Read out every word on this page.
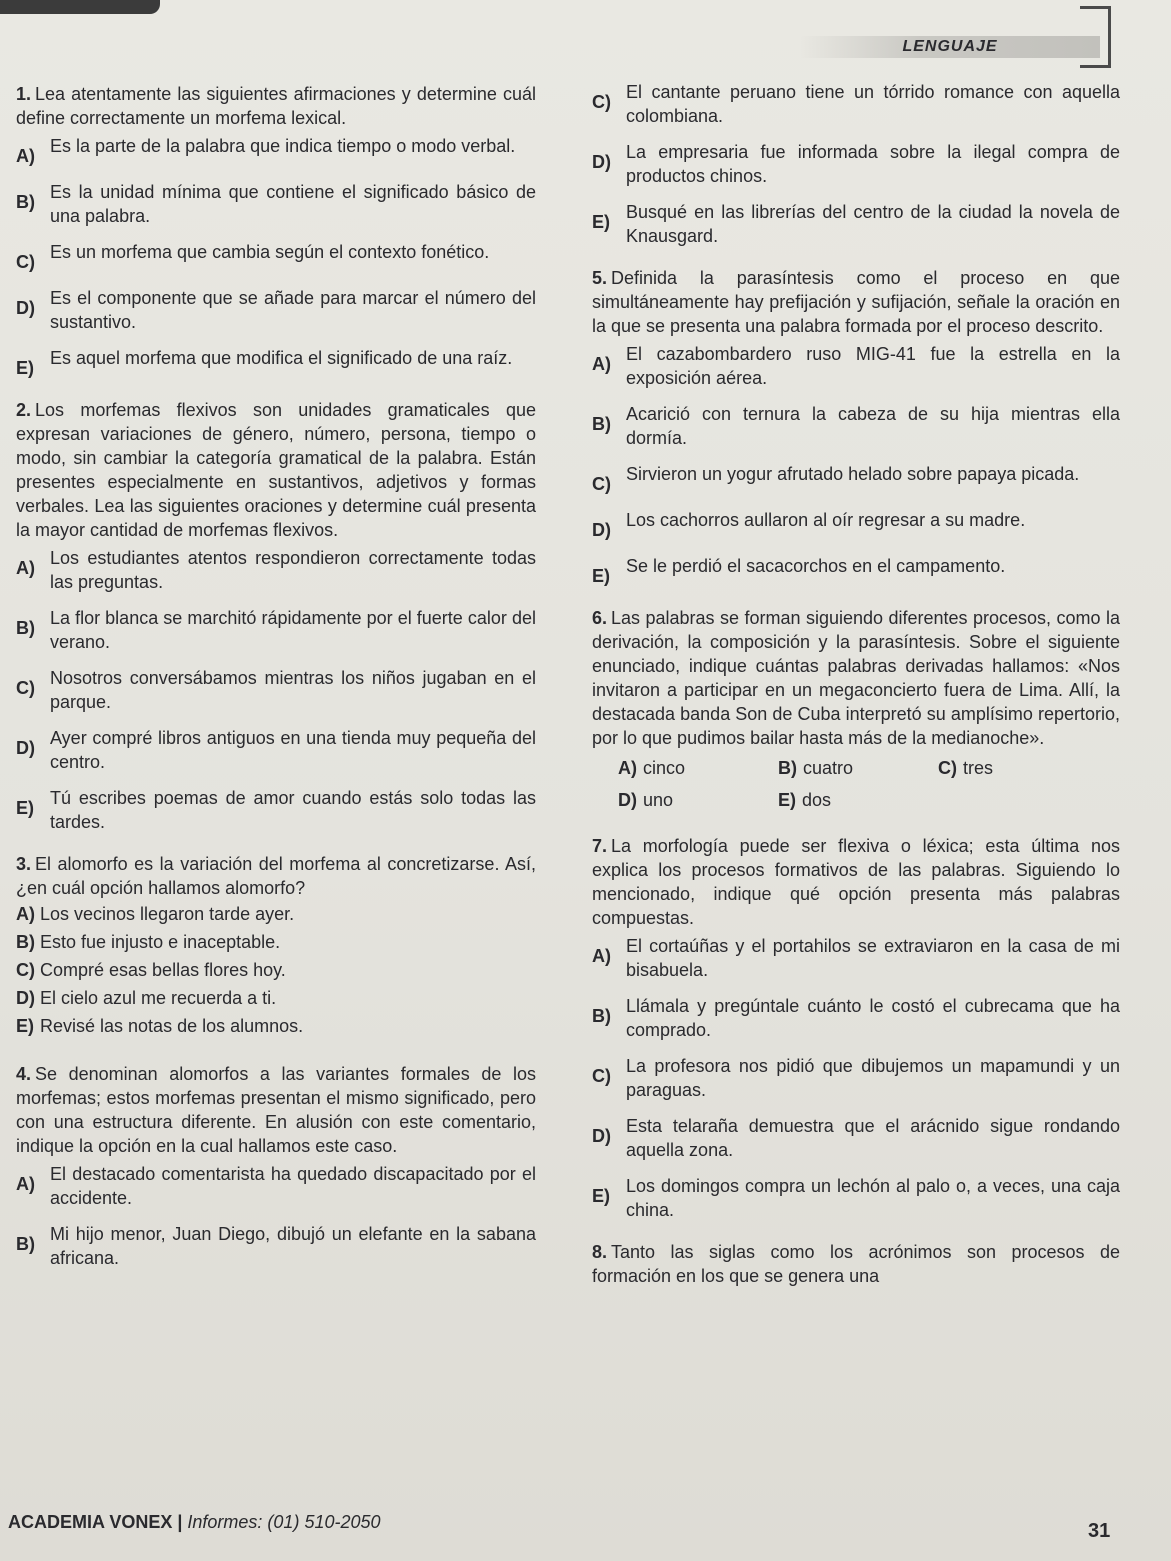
LENGUAJE
1. Lea atentamente las siguientes afirmaciones y determine cuál define correctamente un morfema lexical.
A) Es la parte de la palabra que indica tiempo o modo verbal.
B) Es la unidad mínima que contiene el significado básico de una palabra.
C) Es un morfema que cambia según el contexto fonético.
D) Es el componente que se añade para marcar el número del sustantivo.
E) Es aquel morfema que modifica el significado de una raíz.
2. Los morfemas flexivos son unidades gramaticales que expresan variaciones de género, número, persona, tiempo o modo, sin cambiar la categoría gramatical de la palabra. Están presentes especialmente en sustantivos, adjetivos y formas verbales. Lea las siguientes oraciones y determine cuál presenta la mayor cantidad de morfemas flexivos.
A) Los estudiantes atentos respondieron correctamente todas las preguntas.
B) La flor blanca se marchitó rápidamente por el fuerte calor del verano.
C) Nosotros conversábamos mientras los niños jugaban en el parque.
D) Ayer compré libros antiguos en una tienda muy pequeña del centro.
E) Tú escribes poemas de amor cuando estás solo todas las tardes.
3. El alomorfo es la variación del morfema al concretizarse. Así, ¿en cuál opción hallamos alomorfo?
A) Los vecinos llegaron tarde ayer.
B) Esto fue injusto e inaceptable.
C) Compré esas bellas flores hoy.
D) El cielo azul me recuerda a ti.
E) Revisé las notas de los alumnos.
4. Se denominan alomorfos a las variantes formales de los morfemas; estos morfemas presentan el mismo significado, pero con una estructura diferente. En alusión con este comentario, indique la opción en la cual hallamos este caso.
A) El destacado comentarista ha quedado discapacitado por el accidente.
B) Mi hijo menor, Juan Diego, dibujó un elefante en la sabana africana.
C) El cantante peruano tiene un tórrido romance con aquella colombiana.
D) La empresaria fue informada sobre la ilegal compra de productos chinos.
E) Busqué en las librerías del centro de la ciudad la novela de Knausgard.
5. Definida la parasíntesis como el proceso en que simultáneamente hay prefijación y sufijación, señale la oración en la que se presenta una palabra formada por el proceso descrito.
A) El cazabombardero ruso MIG-41 fue la estrella en la exposición aérea.
B) Acarició con ternura la cabeza de su hija mientras ella dormía.
C) Sirvieron un yogur afrutado helado sobre papaya picada.
D) Los cachorros aullaron al oír regresar a su madre.
E) Se le perdió el sacacorchos en el campamento.
6. Las palabras se forman siguiendo diferentes procesos, como la derivación, la composición y la parasíntesis. Sobre el siguiente enunciado, indique cuántas palabras derivadas hallamos: «Nos invitaron a participar en un megaconcierto fuera de Lima. Allí, la destacada banda Son de Cuba interpretó su amplísimo repertorio, por lo que pudimos bailar hasta más de la medianoche».
A) cinco	B) cuatro	C) tres
D) uno	E) dos
7. La morfología puede ser flexiva o léxica; esta última nos explica los procesos formativos de las palabras. Siguiendo lo mencionado, indique qué opción presenta más palabras compuestas.
A) El cortaúñas y el portahilos se extraviaron en la casa de mi bisabuela.
B) Llámala y pregúntale cuánto le costó el cubrecama que ha comprado.
C) La profesora nos pidió que dibujemos un mapamundi y un paraguas.
D) Esta telaraña demuestra que el arácnido sigue rondando aquella zona.
E) Los domingos compra un lechón al palo o, a veces, una caja china.
8. Tanto las siglas como los acrónimos son procesos de formación en los que se genera una
ACADEMIA VONEX | Informes: (01) 510-2050	31
